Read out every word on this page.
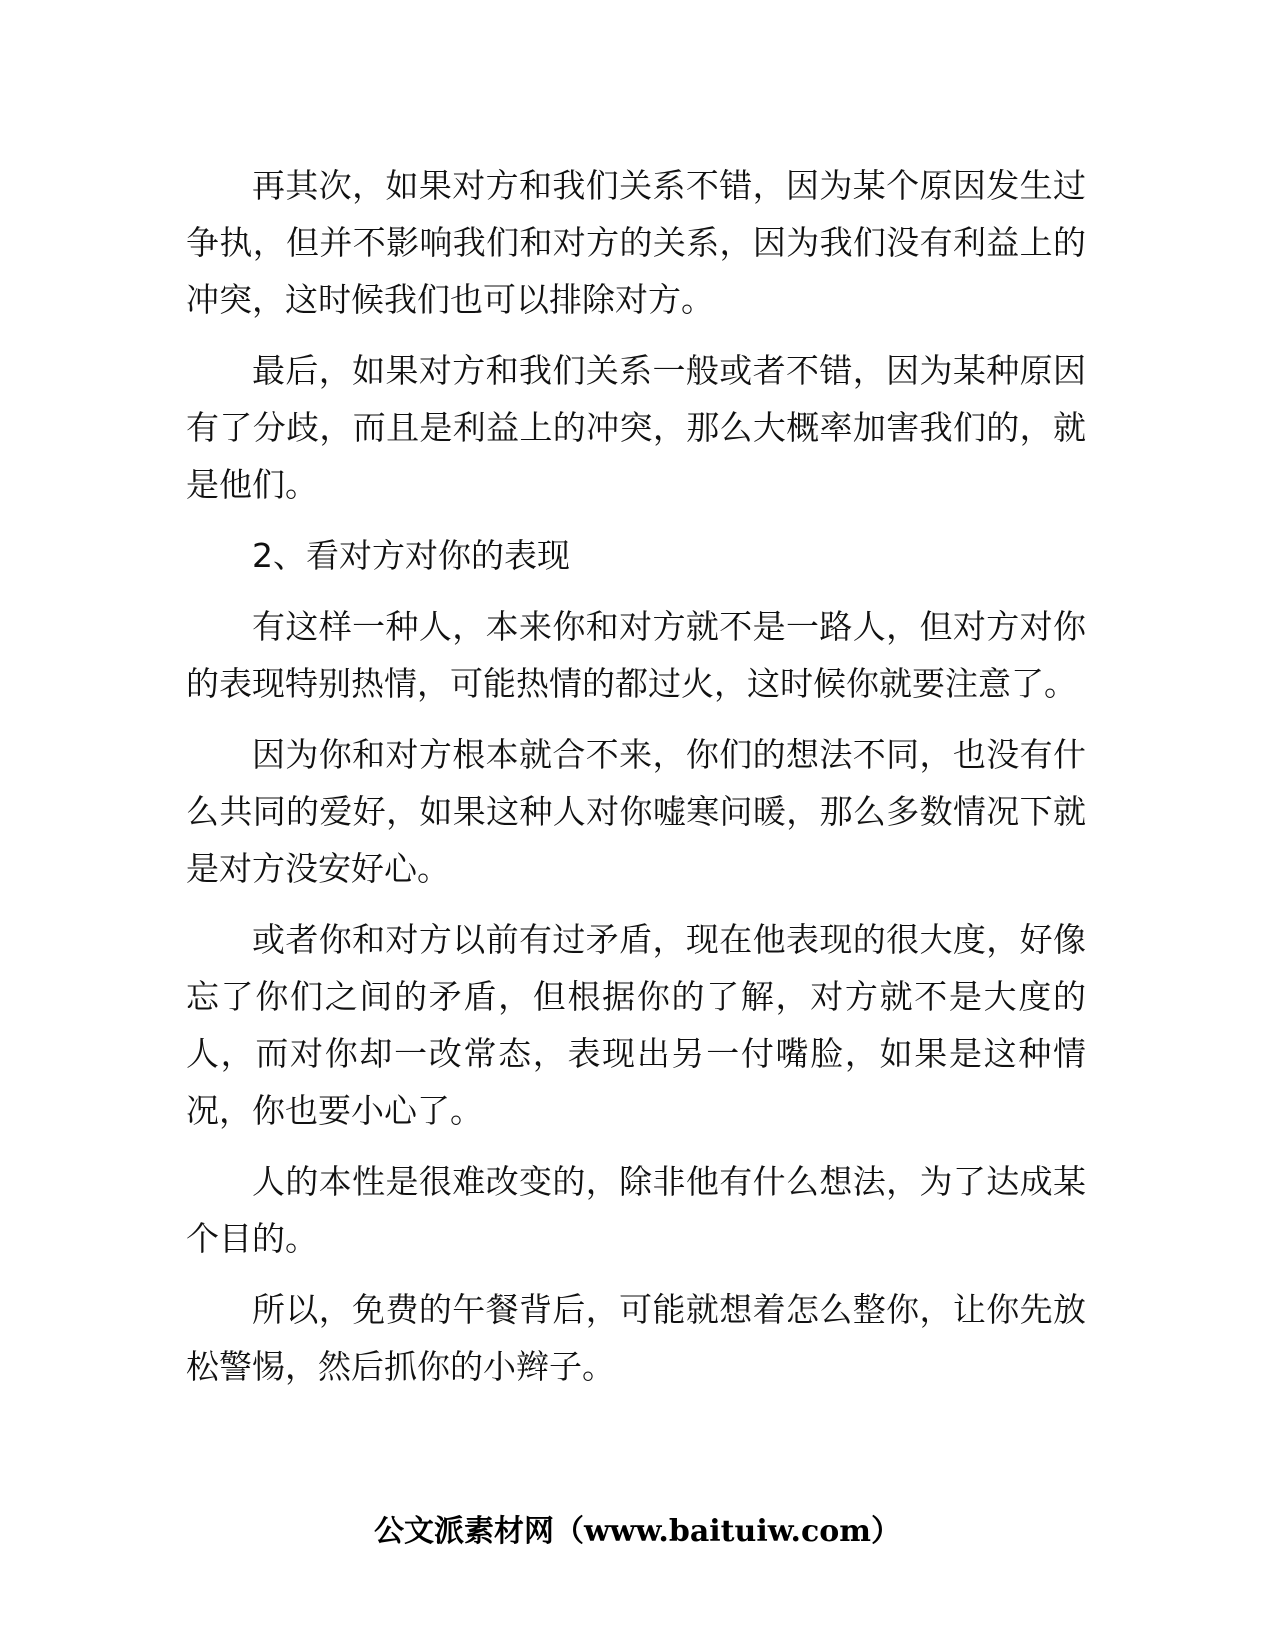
再其次，如果对方和我们关系不错，因为某个原因发生过争执，但并不影响我们和对方的关系，因为我们没有利益上的冲突，这时候我们也可以排除对方。

最后，如果对方和我们关系一般或者不错，因为某种原因有了分歧，而且是利益上的冲突，那么大概率加害我们的，就是他们。

2、看对方对你的表现

有这样一种人，本来你和对方就不是一路人，但对方对你的表现特别热情，可能热情的都过火，这时候你就要注意了。

因为你和对方根本就合不来，你们的想法不同，也没有什么共同的爱好，如果这种人对你嘘寒问暖，那么多数情况下就是对方没安好心。

或者你和对方以前有过矛盾，现在他表现的很大度，好像忘了你们之间的矛盾，但根据你的了解，对方就不是大度的人，而对你却一改常态，表现出另一付嘴脸，如果是这种情况，你也要小心了。

人的本性是很难改变的，除非他有什么想法，为了达成某个目的。

所以，免费的午餐背后，可能就想着怎么整你，让你先放松警惕，然后抓你的小辫子。

公文派素材网（www.baituiw.com）
